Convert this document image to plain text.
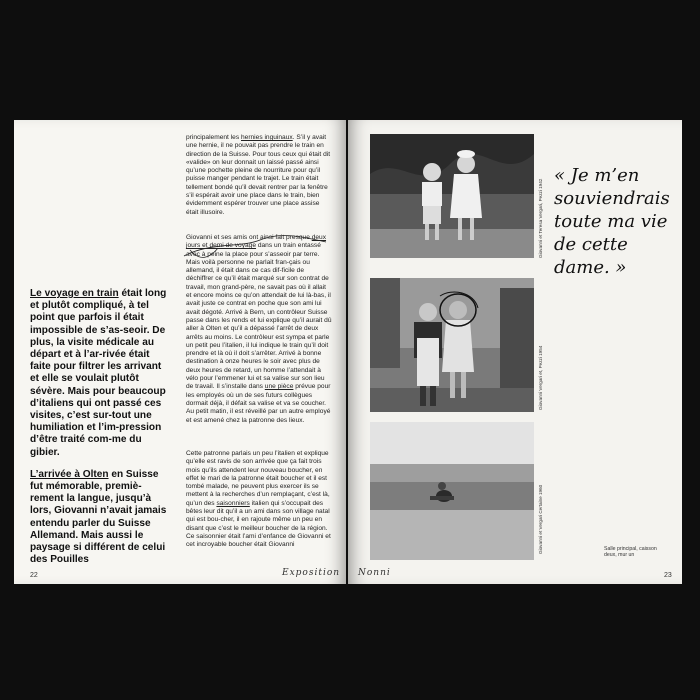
Le voyage en train était long et plutôt compliqué, à tel point que parfois il était impossible de s’as-seoir. De plus, la visite médicale au départ et à l’ar-rivée était faite pour filtrer les arrivant et elle se voulait plutôt sévère. Mais pour beaucoup d’italiens qui ont passé ces visites, c’est sur-tout une humiliation et l’im-pression d’être traité com-me du gibier.

L’arrivée à Olten en Suisse fut mémorable, premiè-rement la langue, jusqu’à lors, Giovanni n’avait jamais entendu parler du Suisse Allemand. Mais aussi le paysage si différent de celui des Pouilles

principalement les hernies inguinaux. S’il y avait une hernie, il ne pouvait pas prendre le train en direction de la Suisse. Pour tous ceux qui était dit «valide» on leur donnait un laissé passé ainsi qu’une pochette pleine de nourriture pour qu’il puisse manger pendant le trajet. Le train était tellement bondé qu’il devait rentrer par la fenêtre s’il espérait avoir une place dans le train, bien évidemment espérer trouver une place assise était illusoire.

Giovanni et ses amis ont ainsi fait presque deux jours et demi de voyage dans un train entassé avec à peine la place pour s’asseoir par terre. Mais voilà personne ne parlait fran-çais ou allemand, il était dans ce cas dif-ficile de déchiffrer ce qu’il était marqué sur son contrat de travail, mon grand-père, ne savait pas où il allait et encore moins ce qu’on attendait de lui là-bas, il avait juste ce contrat en poche que son ami lui avait dégoté. Arrivé à Bern, un contrôleur Suisse passe dans les rends et lui explique qu’il aurait dû aller à Olten et qu’il a dépassé l’arrêt de deux arrêts au moins. Le contrôleur est sympa et parle un petit peu l’italien, il lui indique le train qu’il doit prendre et là où il doit s’arrêter. Arrivé à bonne destination à onze heures le soir avec plus de deux heures de retard, un homme l’attendait à vélo pour l’emmener lui et sa valise sur son lieu de travail. Il s’installe dans une pièce prévue pour les employés où un de ses futurs collègues dormait déjà, il défait sa valise et va se coucher. Au petit matin, il est réveillé par un autre employé et est amené chez la patronne des lieux.

Cette patronne parlais un peu l’italien et explique qu’elle est ravis de son arrivée que ça fait trois mois qu’ils attendent leur nouveau boucher, en effet le mari de la patronne était boucher et il est tombé malade, ne peuvent plus exercer ils se mettent à la recherches d’un remplaçant, c’est là, qu’un des saisonniers italien qui s’occupait des bêtes leur dit qu’il a un ami dans son village natal qui est bou-cher, il en rajoute même un peu en disant que c’est le meilleur boucher de la région. Ce saisonnier était l’ami d’enfance de Giovanni et cet incroyable boucher était Giovanni

22	Exposition Nonni
Giovanni et Teresa Vergari, Pezzi 1942
Giovanni Vergari et, Pezzi 1954
Giovanni et Vergari Certaine 1960
« Je m’en souviendrais toute ma vie de cette dame. »
Salle principal, caisson deux, mur un
23
